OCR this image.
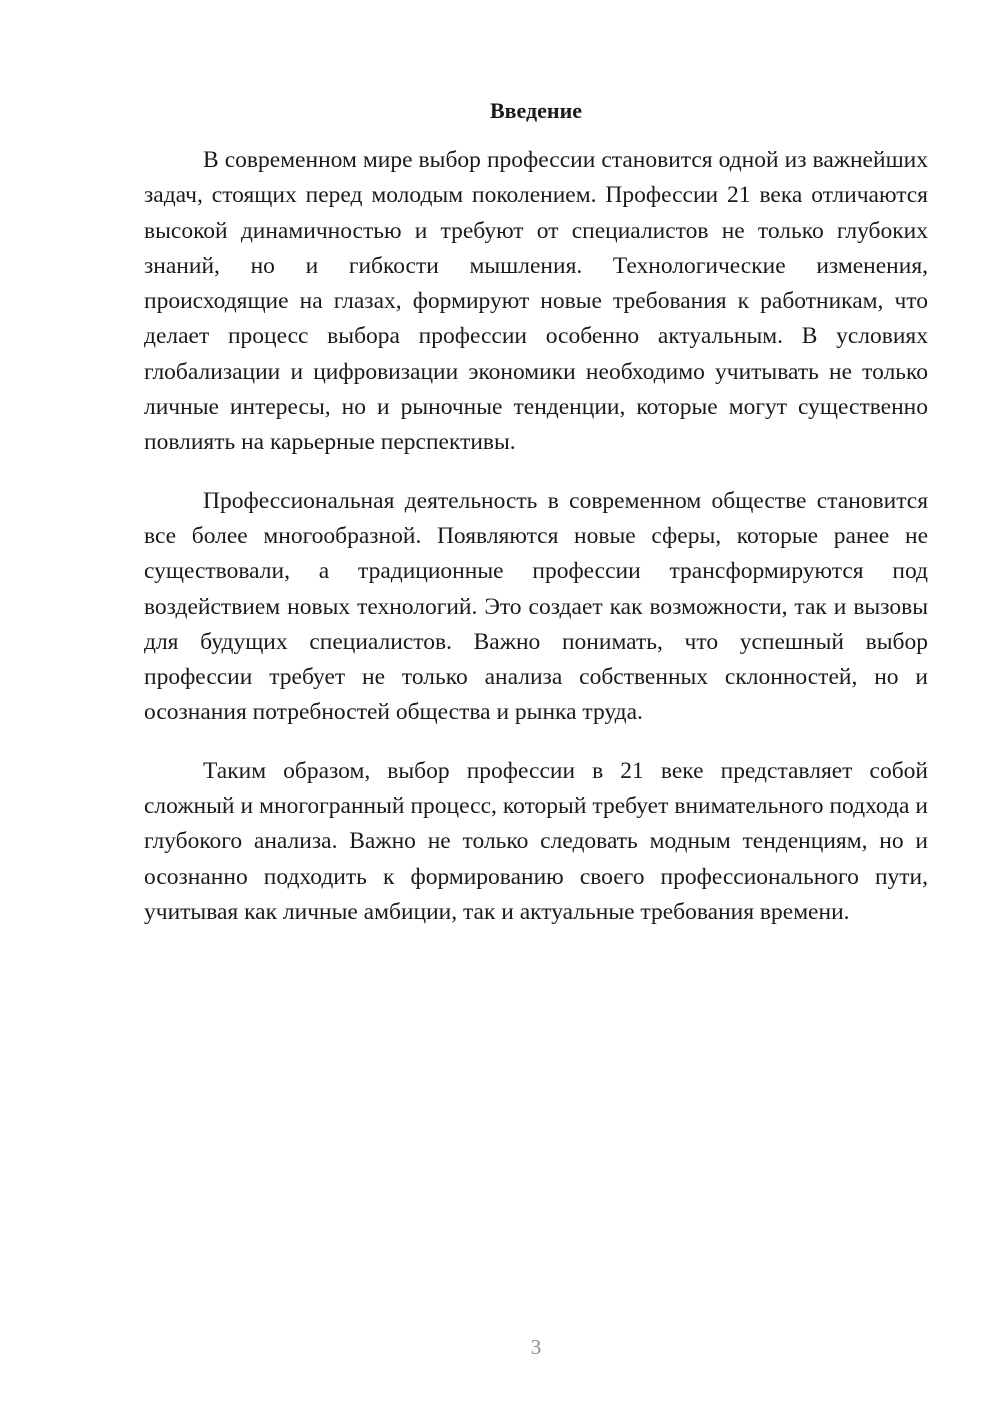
Введение

В современном мире выбор профессии становится одной из важнейших задач, стоящих перед молодым поколением. Профессии 21 века отличаются высокой динамичностью и требуют от специалистов не только глубоких знаний, но и гибкости мышления. Технологические изменения, происходящие на глазах, формируют новые требования к работникам, что делает процесс выбора профессии особенно актуальным. В условиях глобализации и цифровизации экономики необходимо учитывать не только личные интересы, но и рыночные тенденции, которые могут существенно повлиять на карьерные перспективы.

Профессиональная деятельность в современном обществе становится все более многообразной. Появляются новые сферы, которые ранее не существовали, а традиционные профессии трансформируются под воздействием новых технологий. Это создает как возможности, так и вызовы для будущих специалистов. Важно понимать, что успешный выбор профессии требует не только анализа собственных склонностей, но и осознания потребностей общества и рынка труда.

Таким образом, выбор профессии в 21 веке представляет собой сложный и многогранный процесс, который требует внимательного подхода и глубокого анализа. Важно не только следовать модным тенденциям, но и осознанно подходить к формированию своего профессионального пути, учитывая как личные амбиции, так и актуальные требования времени.

3
